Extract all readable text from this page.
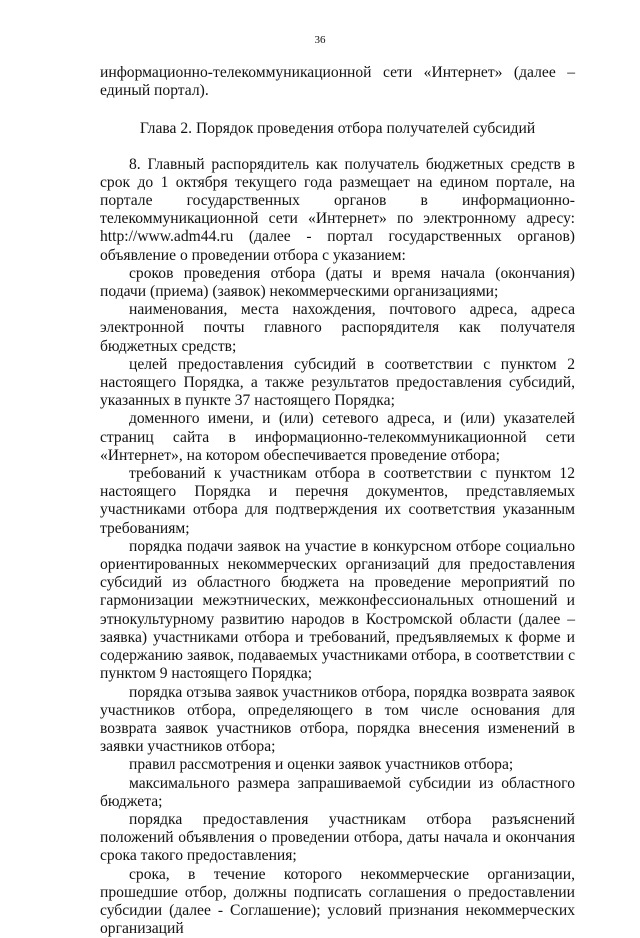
36

информационно-телекоммуникационной сети «Интернет» (далее – единый портал).

Глава 2. Порядок проведения отбора получателей субсидий

8. Главный распорядитель как получатель бюджетных средств в срок до 1 октября текущего года размещает на едином портале, на портале государственных органов в информационно-телекоммуникационной сети «Интернет» по электронному адресу: http://www.adm44.ru (далее - портал государственных органов) объявление о проведении отбора с указанием:

сроков проведения отбора (даты и время начала (окончания) подачи (приема) (заявок) некоммерческими организациями;

наименования, места нахождения, почтового адреса, адреса электронной почты главного распорядителя как получателя бюджетных средств;

целей предоставления субсидий в соответствии с пунктом 2 настоящего Порядка, а также результатов предоставления субсидий, указанных в пункте 37 настоящего Порядка;

доменного имени, и (или) сетевого адреса, и (или) указателей страниц сайта в информационно-телекоммуникационной сети «Интернет», на котором обеспечивается проведение отбора;

требований к участникам отбора в соответствии с пунктом 12 настоящего Порядка и перечня документов, представляемых участниками отбора для подтверждения их соответствия указанным требованиям;

порядка подачи заявок на участие в конкурсном отборе социально ориентированных некоммерческих организаций для предоставления субсидий из областного бюджета на проведение мероприятий по гармонизации межэтнических, межконфессиональных отношений и этнокультурному развитию народов в Костромской области (далее – заявка) участниками отбора и требований, предъявляемых к форме и содержанию заявок, подаваемых участниками отбора, в соответствии с пунктом 9 настоящего Порядка;

порядка отзыва заявок участников отбора, порядка возврата заявок участников отбора, определяющего в том числе основания для возврата заявок участников отбора, порядка внесения изменений в заявки участников отбора;

правил рассмотрения и оценки заявок участников отбора;

максимального размера запрашиваемой субсидии из областного бюджета;

порядка предоставления участникам отбора разъяснений положений объявления о проведении отбора, даты начала и окончания срока такого предоставления;

срока, в течение которого некоммерческие организации, прошедшие отбор, должны подписать соглашения о предоставлении субсидии (далее - Соглашение); условий признания некоммерческих организаций
